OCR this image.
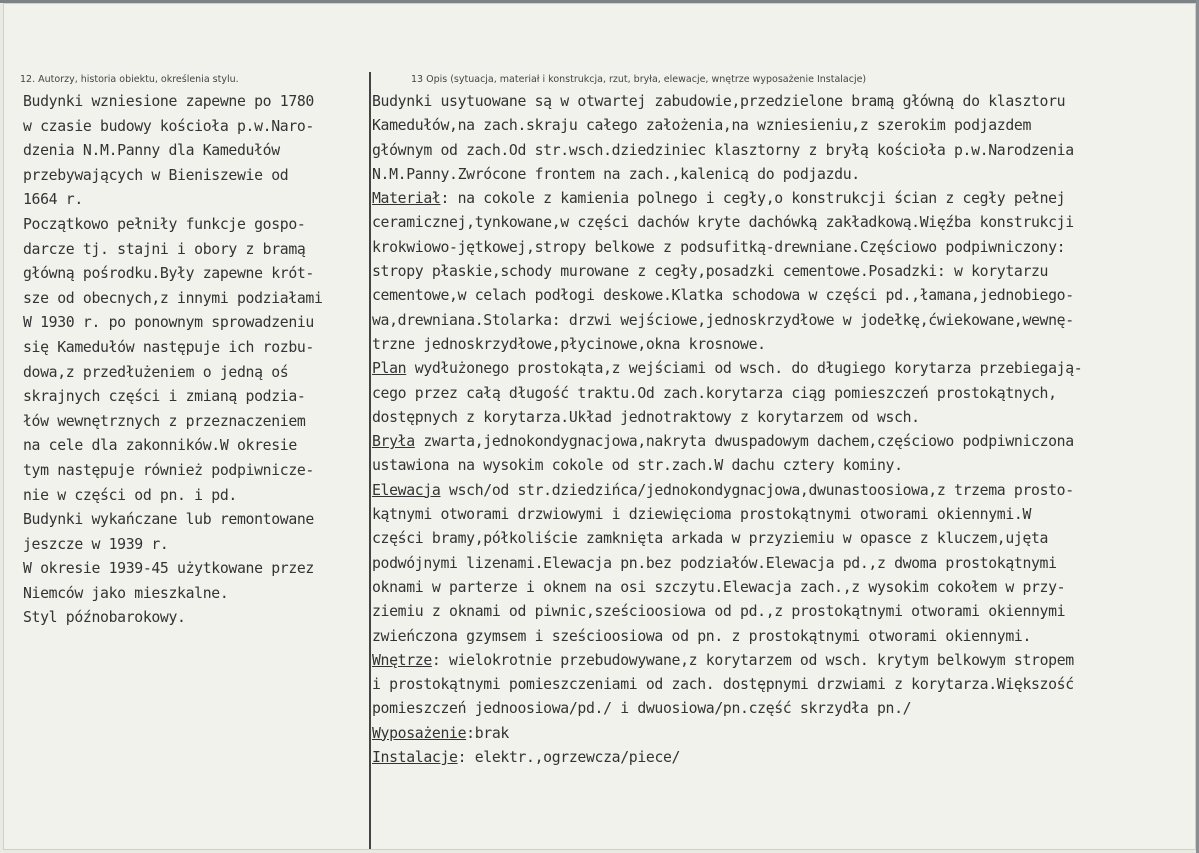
12. Autorzy, historia obiektu, określenia stylu.	13 Opis (sytuacja, materiał i konstrukcja, rzut, bryła, elewacje, wnętrze wyposażenie Instalacje)
Budynki wzniesione zapewne po 1780
w czasie budowy kościoła p.w.Naro-
dzenia N.M.Panny dla Kamedułów
przebywających w Bieniszewie od
1664 r.
Początkowo pełniły funkcje gospo-
darcze tj. stajni i obory z bramą
główną pośrodku.Były zapewne krót-
sze od obecnych,z innymi podziałami
W 1930 r. po ponownym sprowadzeniu
się Kamedułów następuje ich rozbu-
dowa,z przedłużeniem o jedną oś
skrajnych części i zmianą podzia-
łów wewnętrznych z przeznaczeniem
na cele dla zakonników.W okresie
tym następuje również podpiwnicze-
nie w części od pn. i pd.
Budynki wykańczane lub remontowane
jeszcze w 1939 r.
W okresie 1939-45 użytkowane przez
Niemców jako mieszkalne.
Styl późnobarokowy.
Budynki usytuowane są w otwartej zabudowie,przedzielone bramą główną do klasztoru
Kamedułów,na zach.skraju całego założenia,na wzniesieniu,z szerokim podjazdem
głównym od zach.Od str.wsch.dziedziniec klasztorny z bryłą kościoła p.w.Narodzenia
N.M.Panny.Zwrócone frontem na zach.,kalenicą do podjazdu.
Materiał: na cokole z kamienia polnego i cegły,o konstrukcji ścian z cegły pełnej
ceramicznej,tynkowane,w części dachów kryte dachówką zakładkową.Więźba konstrukcji
krokwiowo-jętkowej,stropy belkowe z podsufitką-drewniane.Częściowo podpiwniczony:
stropy płaskie,schody murowane z cegły,posadzki cementowe.Posadzki: w korytarzu
cementowe,w celach podłogi deskowe.Klatka schodowa w części pd.,łamana,jednobiego-
wa,drewniana.Stolarka: drzwi wejściowe,jednoskrzydłowe w jodełkę,ćwiekowane,wewnę-
trzne jednoskrzydłowe,płycinowe,okna krosnowe.
Plan wydłużonego prostokąta,z wejściami od wsch. do długiego korytarza przebiegają-
cego przez całą długość traktu.Od zach.korytarza ciąg pomieszczeń prostokątnych,
dostępnych z korytarza.Układ jednotraktowy z korytarzem od wsch.
Bryła zwarta,jednokondygnacjowa,nakryta dwuspadowym dachem,częściowo podpiwniczona
ustawiona na wysokim cokole od str.zach.W dachu cztery kominy.
Elewacja wsch/od str.dziedzińca/jednokondygnacjowa,dwunastoosiowa,z trzema prosto-
kątnymi otworami drzwiowymi i dziewięcioma prostokątnymi otworami okiennymi.W
części bramy,półkoliście zamknięta arkada w przyziemiu w opasce z kluczem,ujęta
podwójnymi lizenami.Elewacja pn.bez podziałów.Elewacja pd.,z dwoma prostokątnymi
oknami w parterze i oknem na osi szczytu.Elewacja zach.,z wysokim cokołem w przy-
ziemiu z oknami od piwnic,sześcioosiowa od pd.,z prostokątnymi otworami okiennymi
zwieńczona gzymsem i sześcioosiowa od pn. z prostokątnymi otworami okiennymi.
Wnętrze: wielokrotnie przebudowywane,z korytarzem od wsch. krytym belkowym stropem
i prostokątnymi pomieszczeniami od zach. dostępnymi drzwiami z korytarza.Większość
pomieszczeń jednoosiowa/pd./ i dwuosiowa/pn.część skrzydła pn./
Wyposażenie:brak
Instalacje: elektr.,ogrzewcza/piece/
